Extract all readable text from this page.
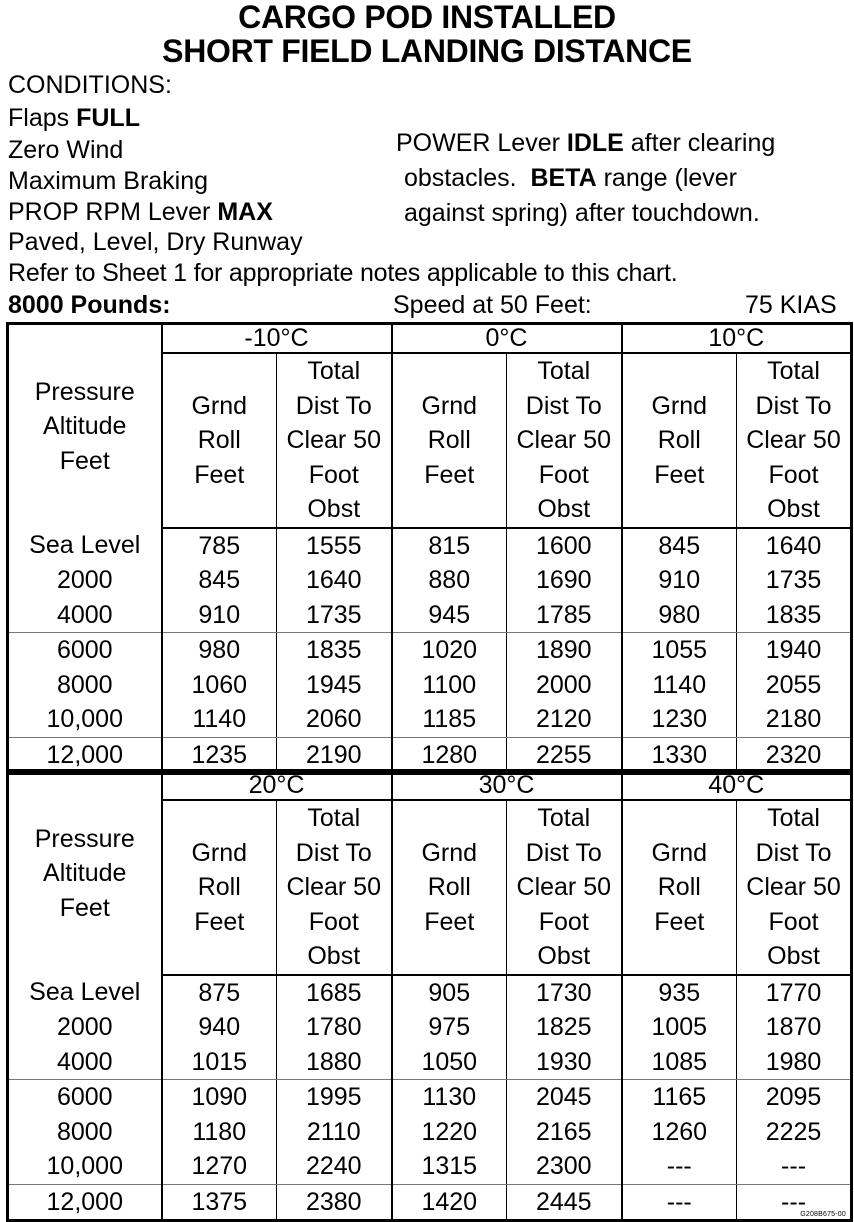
CARGO POD INSTALLED
SHORT FIELD LANDING DISTANCE
CONDITIONS:
Flaps FULL
Zero Wind
Maximum Braking
PROP RPM Lever MAX
Paved, Level, Dry Runway
POWER Lever IDLE after clearing
obstacles.  BETA range (lever
against spring) after touchdown.
Refer to Sheet 1 for appropriate notes applicable to this chart.
8000 Pounds:	Speed at 50 Feet:	75 KIAS
Pressure
Altitude
Feet	-10°C		0°C		10°C	
		Total		Total		Total
	Grnd	Dist To	Grnd	Dist To	Grnd	Dist To
	Roll	Clear 50	Roll	Clear 50	Roll	Clear 50
	Feet	Foot	Feet	Foot	Feet	Foot
		Obst		Obst		Obst
Sea Level	785	1555	815	1600	845	1640
2000	845	1640	880	1690	910	1735
4000	910	1735	945	1785	980	1835
6000	980	1835	1020	1890	1055	1940
8000	1060	1945	1100	2000	1140	2055
10,000	1140	2060	1185	2120	1230	2180
12,000	1235	2190	1280	2255	1330	2320
Pressure
Altitude
Feet	20°C		30°C		40°C	
		Total		Total		Total
	Grnd	Dist To	Grnd	Dist To	Grnd	Dist To
	Roll	Clear 50	Roll	Clear 50	Roll	Clear 50
	Feet	Foot	Feet	Foot	Feet	Foot
		Obst		Obst		Obst
Sea Level	875	1685	905	1730	935	1770
2000	940	1780	975	1825	1005	1870
4000	1015	1880	1050	1930	1085	1980
6000	1090	1995	1130	2045	1165	2095
8000	1180	2110	1220	2165	1260	2225
10,000	1270	2240	1315	2300	---	---
12,000	1375	2380	1420	2445	---	---
G208B675-00
